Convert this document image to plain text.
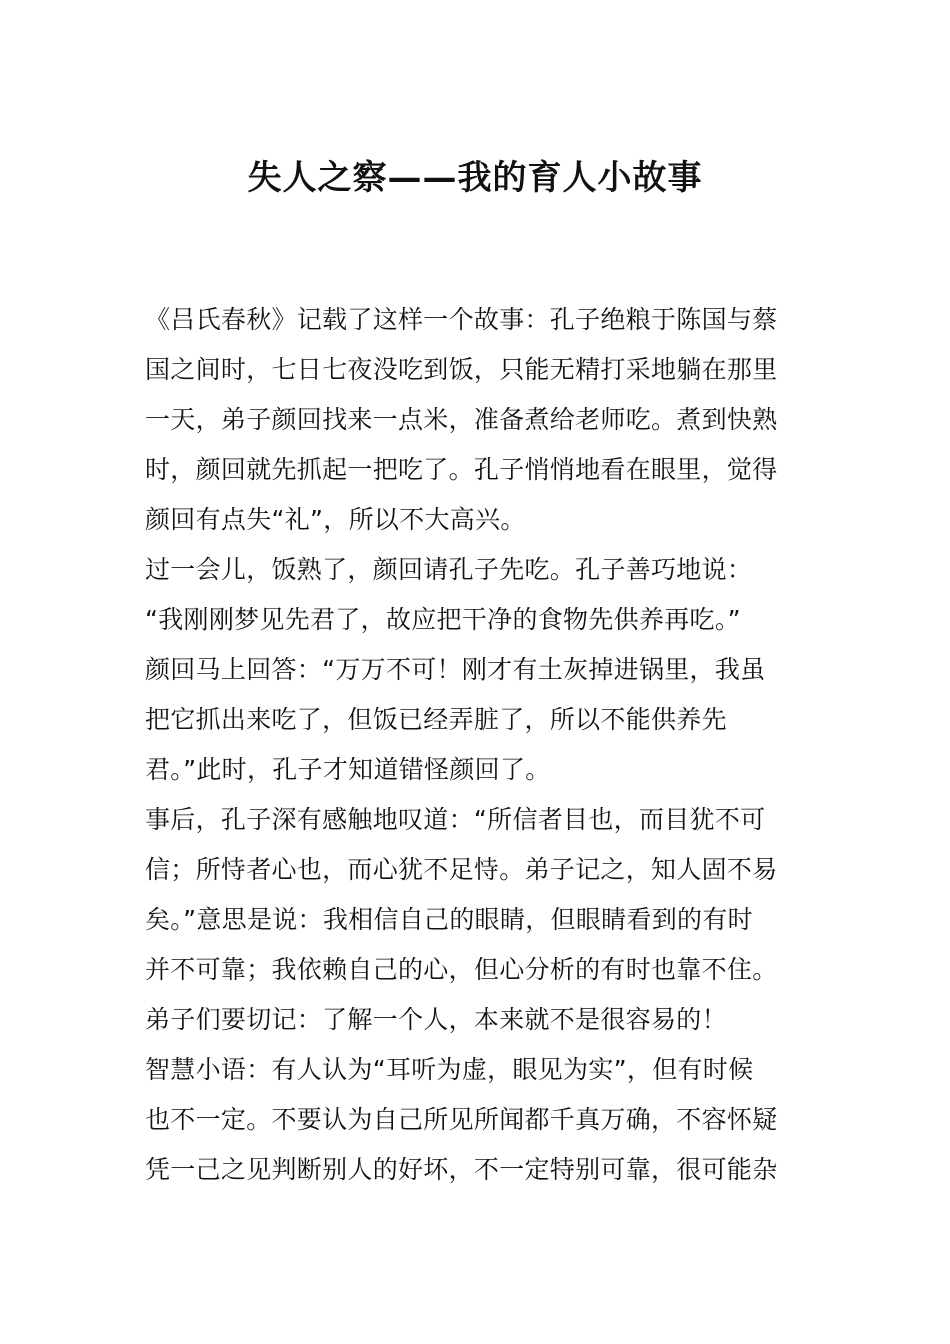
失人之察——我的育人小故事
《吕氏春秋》记载了这样一个故事：孔子绝粮于陈国与蔡
国之间时，七日七夜没吃到饭，只能无精打采地躺在那里
一天，弟子颜回找来一点米，准备煮给老师吃。煮到快熟
时，颜回就先抓起一把吃了。孔子悄悄地看在眼里，觉得
颜回有点失“礼”，所以不大高兴。
过一会儿，饭熟了，颜回请孔子先吃。孔子善巧地说：
“我刚刚梦见先君了，故应把干净的食物先供养再吃。”
颜回马上回答：“万万不可！刚才有土灰掉进锅里，我虽
把它抓出来吃了，但饭已经弄脏了，所以不能供养先
君。”此时，孔子才知道错怪颜回了。
事后，孔子深有感触地叹道：“所信者目也，而目犹不可
信；所恃者心也，而心犹不足恃。弟子记之，知人固不易
矣。”意思是说：我相信自己的眼睛，但眼睛看到的有时
并不可靠；我依赖自己的心，但心分析的有时也靠不住。
弟子们要切记：了解一个人，本来就不是很容易的！
智慧小语：有人认为“耳听为虚，眼见为实”，但有时候
也不一定。不要认为自己所见所闻都千真万确，不容怀疑
凭一己之见判断别人的好坏，不一定特别可靠，很可能杂
